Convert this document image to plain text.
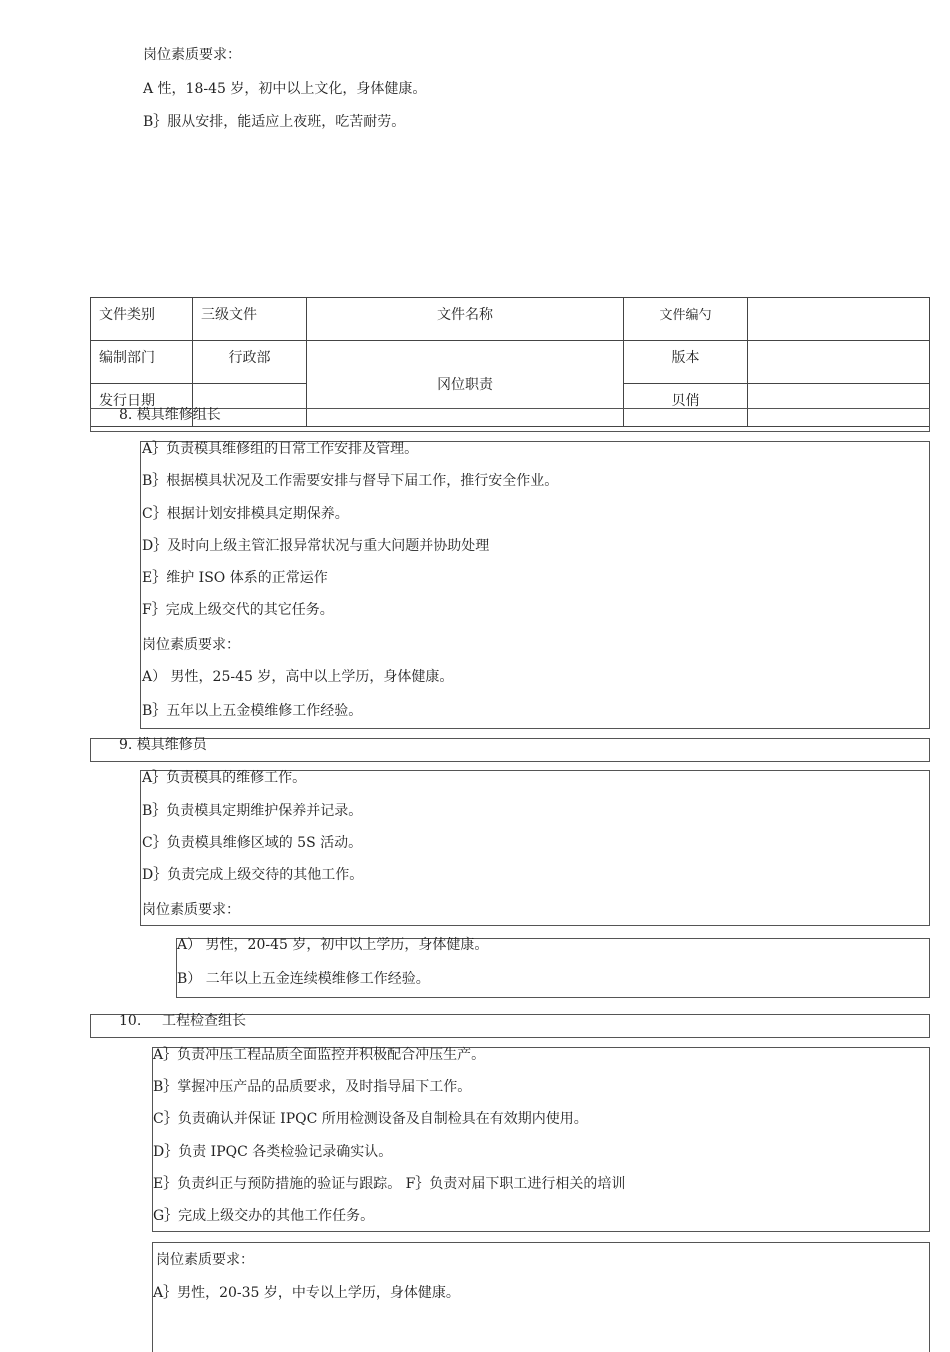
岗位素质要求：
A 性，18-45 岁，初中以上文化，身体健康。
B｝服从安排，能适应上夜班，吃苦耐劳。
文件类别	三级文件	文件名称	文件编勺	
编制部门	行政部	冈位职责	版本	
发行日期			贝俏	
8. 模具维修组长
A｝负责模具维修组的日常工作安排及管理。
B｝根据模具状况及工作需要安排与督导下届工作，推行安全作业。
C｝根据计划安排模具定期保养。
D｝及时向上级主管汇报异常状况与重大问题并协助处理
E｝维护 ISO 体系的正常运作
F｝完成上级交代的其它任务。
岗位素质要求：
A） 男性，25-45 岁，高中以上学历，身体健康。
B｝五年以上五金模维修工作经验。
9. 模具维修员
A｝负责模具的维修工作。
B｝负责模具定期维护保养并记录。
C｝负责模具维修区域的 5S 活动。
D｝负责完成上级交待的其他工作。
岗位素质要求：
A） 男性，20-45 岁，初中以上学历，身体健康。
B） 二年以上五金连续模维修工作经验。
10. 工程检查组长
A｝负责冲压工程品质全面监控并积极配合冲压生产。
B｝掌握冲压产品的品质要求，及时指导届下工作。
C｝负责确认并保证 IPQC 所用检测设备及自制检具在有效期内使用。
D｝负责 IPQC 各类检验记录确实认。
E｝负责纠正与预防措施的验证与跟踪。 F｝负责对届下职工进行相关的培训
G｝完成上级交办的其他工作任务。
岗位素质要求：
A｝男性，20-35 岁，中专以上学历，身体健康。
